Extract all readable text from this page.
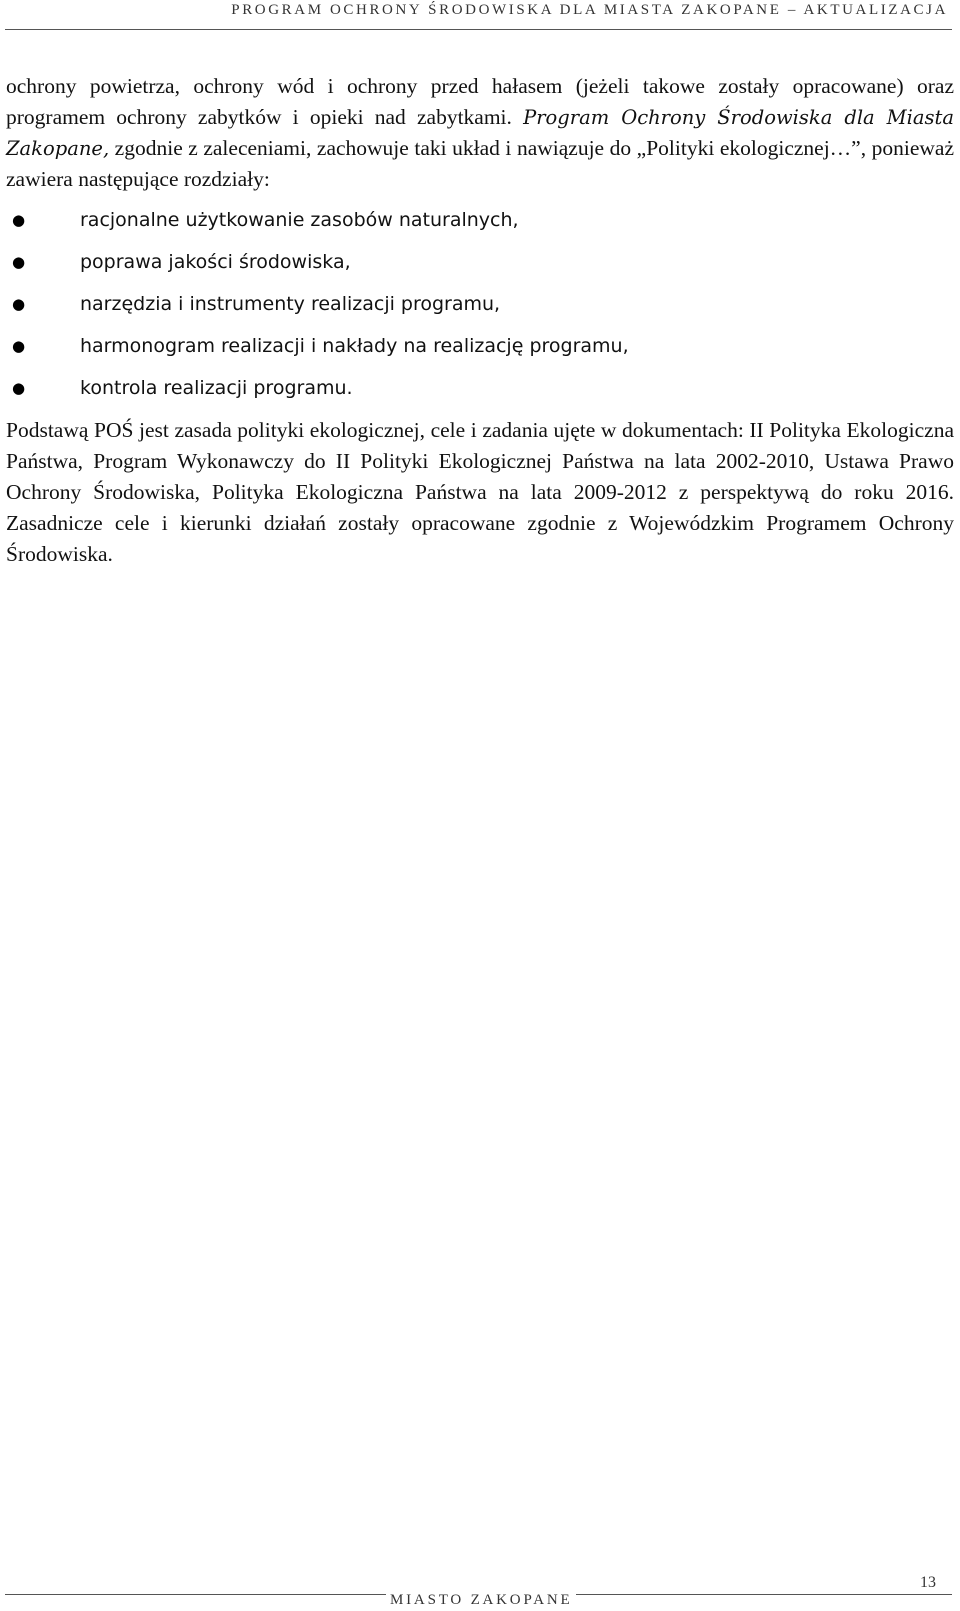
PROGRAM OCHRONY ŚRODOWISKA DLA MIASTA ZAKOPANE – AKTUALIZACJA

ochrony powietrza, ochrony wód i ochrony przed hałasem (jeżeli takowe zostały opracowane) oraz programem ochrony zabytków i opieki nad zabytkami. Program Ochrony Środowiska dla Miasta Zakopane, zgodnie z zaleceniami, zachowuje taki układ i nawiązuje do „Polityki ekologicznej…”, ponieważ zawiera następujące rozdziały:

●	racjonalne użytkowanie zasobów naturalnych,
●	poprawa jakości środowiska,
●	narzędzia i instrumenty realizacji programu,
●	harmonogram realizacji i nakłady na realizację programu,
●	kontrola realizacji programu.

Podstawą POŚ jest zasada polityki ekologicznej, cele i zadania ujęte w dokumentach: II Polityka Ekologiczna Państwa, Program Wykonawczy do II Polityki Ekologicznej Państwa na lata 2002-2010, Ustawa Prawo Ochrony Środowiska, Polityka Ekologiczna Państwa na lata 2009-2012 z perspektywą do roku 2016. Zasadnicze cele i kierunki działań zostały opracowane zgodnie z Wojewódzkim Programem Ochrony Środowiska.

MIASTO ZAKOPANE
13
